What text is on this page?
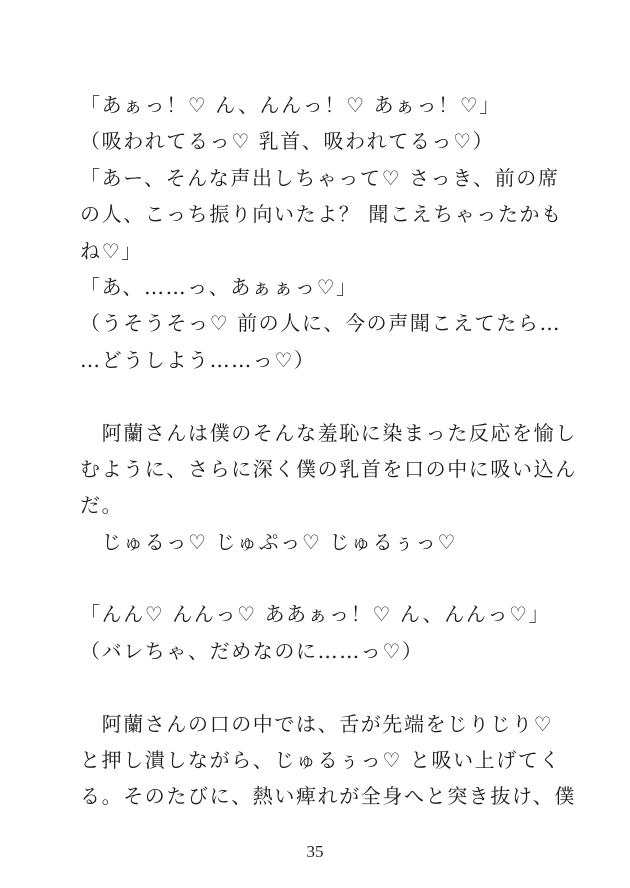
「あぁっ！♡ ん、んんっ！♡ あぁっ！♡」
（吸われてるっ♡ 乳首、吸われてるっ♡）
「あー、そんな声出しちゃって♡ さっき、前の席
の人、こっち振り向いたよ？ 聞こえちゃったかも
ね♡」
「あ、……っ、あぁぁっ♡」
（うそうそっ♡ 前の人に、今の声聞こえてたら…
…どうしよう……っ♡）
　阿蘭さんは僕のそんな羞恥に染まった反応を愉し
むように、さらに深く僕の乳首を口の中に吸い込ん
だ。
　じゅるっ♡ じゅぷっ♡ じゅるぅっ♡
「んん♡ んんっ♡ ああぁっ！♡ ん、んんっ♡」
（バレちゃ、だめなのに……っ♡）
　阿蘭さんの口の中では、舌が先端をじりじり♡
と押し潰しながら、じゅるぅっ♡ と吸い上げてく
る。そのたびに、熱い痺れが全身へと突き抜け、僕
35
